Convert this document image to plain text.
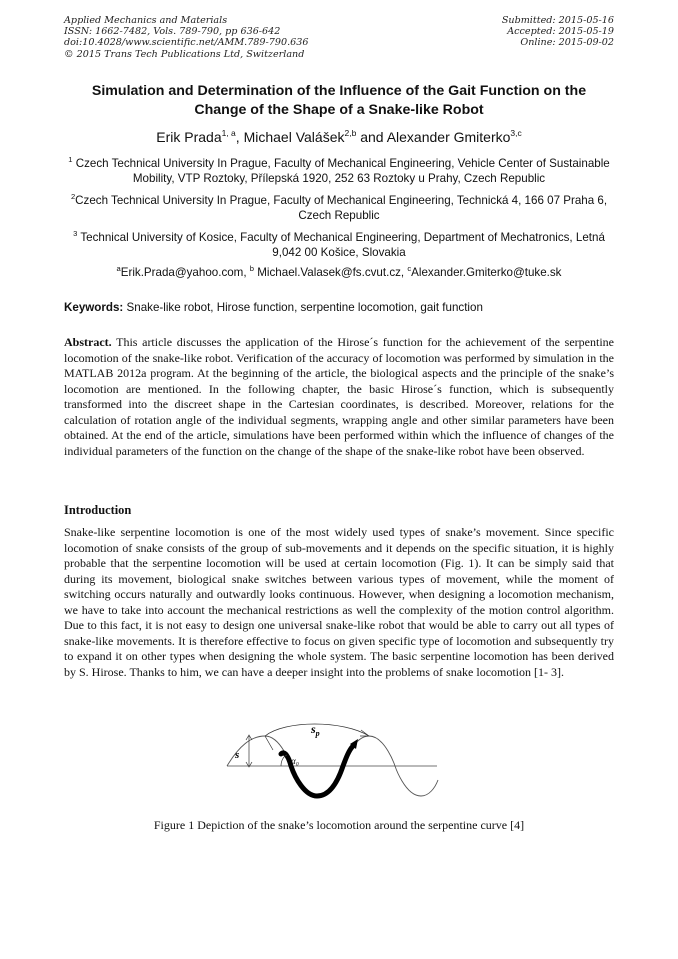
Applied Mechanics and Materials
ISSN: 1662-7482, Vols. 789-790, pp 636-642
doi:10.4028/www.scientific.net/AMM.789-790.636
© 2015 Trans Tech Publications Ltd, Switzerland
Submitted: 2015-05-16
Accepted: 2015-05-19
Online: 2015-09-02
Simulation and Determination of the Influence of the Gait Function on the Change of the Shape of a Snake-like Robot
Erik Prada$^{1, a}$, Michael Valášek$^{2,b}$ and Alexander Gmiterko$^{3,c}$
$^1$ Czech Technical University In Prague, Faculty of Mechanical Engineering, Vehicle Center of Sustainable Mobility, VTP Roztoky, Přílepská 1920, 252 63 Roztoky u Prahy, Czech Republic
$^2$Czech Technical University In Prague, Faculty of Mechanical Engineering, Technická 4, 166 07 Praha 6, Czech Republic
$^3$ Technical University of Kosice, Faculty of Mechanical Engineering, Department of Mechatronics, Letná 9,042 00 Košice, Slovakia
$^a$Erik.Prada@yahoo.com, $^b$ Michael.Valasek@fs.cvut.cz, $^c$Alexander.Gmiterko@tuke.sk
Keywords: Snake-like robot, Hirose function, serpentine locomotion, gait function
Abstract. This article discusses the application of the Hirose´s function for the achievement of the serpentine locomotion of the snake-like robot. Verification of the accuracy of locomotion was performed by simulation in the MATLAB 2012a program. At the beginning of the article, the biological aspects and the principle of the snake’s locomotion are mentioned. In the following chapter, the basic Hirose´s function, which is subsequently transformed into the discreet shape in the Cartesian coordinates, is described. Moreover, relations for the calculation of rotation angle of the individual segments, wrapping angle and other similar parameters have been obtained. At the end of the article, simulations have been performed within which the influence of changes of the individual parameters of the function on the change of the shape of the snake-like robot have been observed.
Introduction
Snake-like serpentine locomotion is one of the most widely used types of snake’s movement. Since specific locomotion of snake consists of the group of sub-movements and it depends on the specific situation, it is highly probable that the serpentine locomotion will be used at certain locomotion (Fig. 1). It can be simply said that during its movement, biological snake switches between various types of movement, while the moment of switching occurs naturally and outwardly looks continuous. However, when designing a locomotion mechanism, we have to take into account the mechanical restrictions as well the complexity of the motion control algorithm. Due to this fact, it is not easy to design one universal snake-like robot that would be able to carry out all types of snake-like movements. It is therefore effective to focus on given specific type of locomotion and subsequently try to expand it on other types when designing the whole system. The basic serpentine locomotion has been derived by S. Hirose. Thanks to him, we can have a deeper insight into the problems of snake locomotion [1- 3].
s
$s_p$
α₀
Figure 1 Depiction of the snake’s locomotion around the serpentine curve [4]
